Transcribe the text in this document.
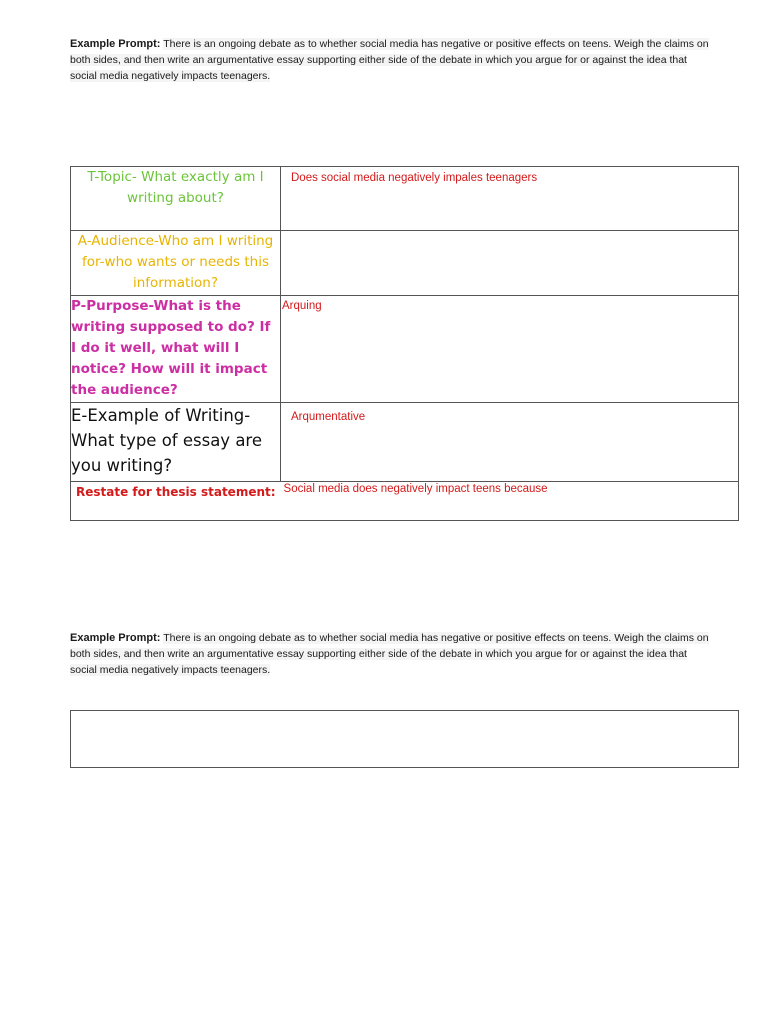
Example Prompt: There is an ongoing debate as to whether social media has negative or positive effects on teens. Weigh the claims on both sides, and then write an argumentative essay supporting either side of the debate in which you argue for or against the idea that social media negatively impacts teenagers.
T-Topic- What exactly am I writing about?	Does social media negatively impales teenagers

A-Audience-Who am I writing for-who wants or needs this information?	

P-Purpose-What is the writing supposed to do? If I do it well, what will I notice? How will it impact the audience?	Arquing

E-Example of Writing- What type of essay are you writing?	Arqumentative

Restate for thesis statement: $^{Social media does negatively impact teens because}$
Example Prompt: There is an ongoing debate as to whether social media has negative or positive effects on teens. Weigh the claims on both sides, and then write an argumentative essay supporting either side of the debate in which you argue for or against the idea that social media negatively impacts teenagers.
